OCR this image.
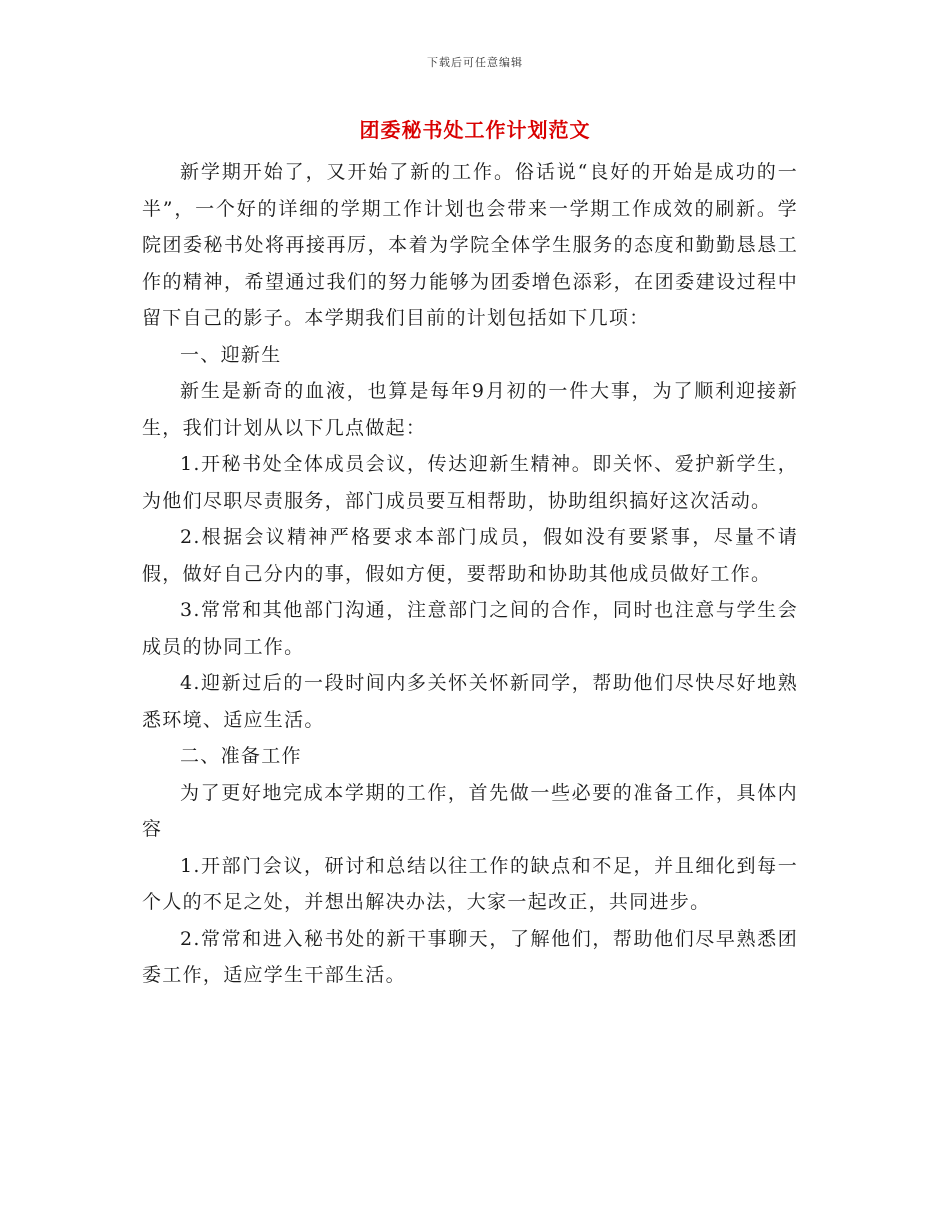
下载后可任意编辑
团委秘书处工作计划范文

新学期开始了，又开始了新的工作。俗话说“良好的开始是成功的一半”，一个好的详细的学期工作计划也会带来一学期工作成效的刷新。学院团委秘书处将再接再厉，本着为学院全体学生服务的态度和勤勤恳恳工作的精神，希望通过我们的努力能够为团委增色添彩，在团委建设过程中留下自己的影子。本学期我们目前的计划包括如下几项：

一、迎新生

新生是新奇的血液，也算是每年9月初的一件大事，为了顺利迎接新生，我们计划从以下几点做起：

1.开秘书处全体成员会议，传达迎新生精神。即关怀、爱护新学生，为他们尽职尽责服务，部门成员要互相帮助，协助组织搞好这次活动。

2.根据会议精神严格要求本部门成员，假如没有要紧事，尽量不请假，做好自己分内的事，假如方便，要帮助和协助其他成员做好工作。

3.常常和其他部门沟通，注意部门之间的合作，同时也注意与学生会成员的协同工作。

4.迎新过后的一段时间内多关怀关怀新同学，帮助他们尽快尽好地熟悉环境、适应生活。

二、准备工作

为了更好地完成本学期的工作，首先做一些必要的准备工作，具体内容

1.开部门会议，研讨和总结以往工作的缺点和不足，并且细化到每一个人的不足之处，并想出解决办法，大家一起改正，共同进步。

2.常常和进入秘书处的新干事聊天，了解他们，帮助他们尽早熟悉团委工作，适应学生干部生活。
